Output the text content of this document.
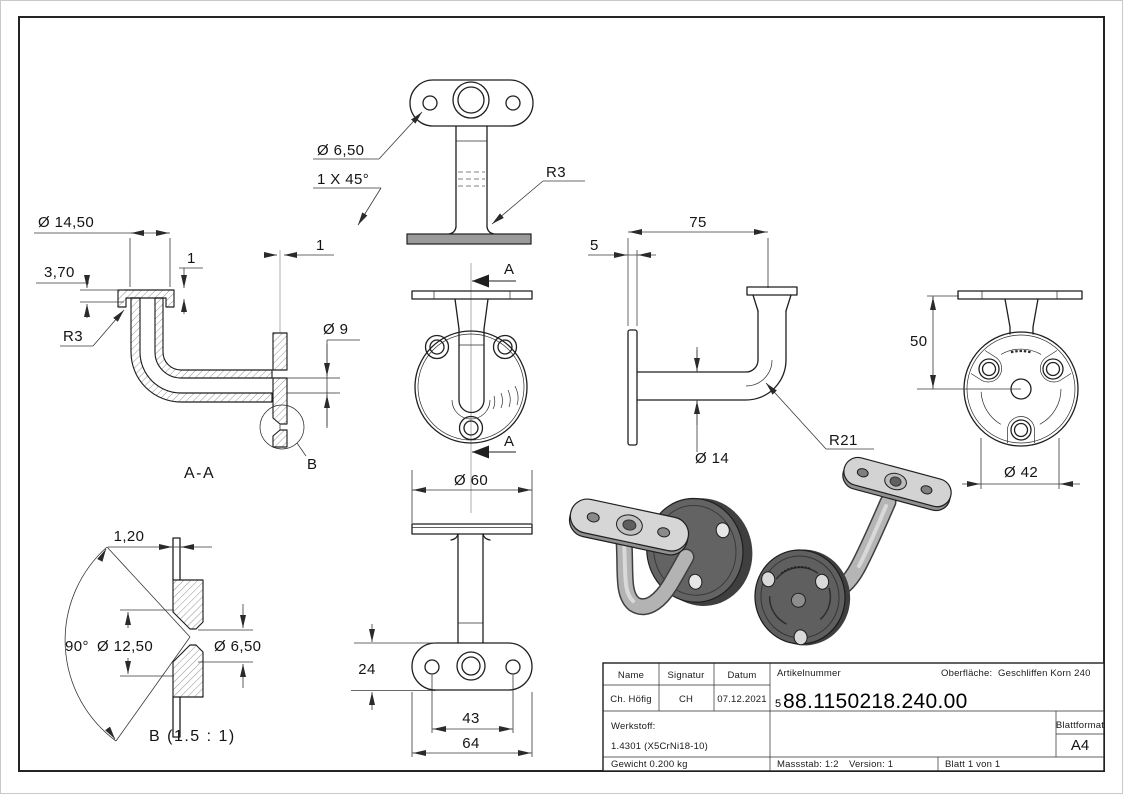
Ø 14,50
3,70
R3
1
1
Ø 9
B
A-A
Ø 6,50
1 X 45°	R3
A
A
Ø 60
5
75
Ø 14
R21
50
Ø 42
24
43
64
1,20
90° Ø 12,50	Ø 6,50
B (1.5 : 1)
Name Signatur Datum
Ch. Höfig	CH	07.12.2021
Artikelnummer	Oberfläche: Geschliffen Korn 240
5 88.1150218.240.00
Werkstoff:
1.4301 (X5CrNi18-10)
Gewicht 0.200 kg	Massstab: 1:2 Version: 1	Blatt 1 von 1
Blattformat
A4
